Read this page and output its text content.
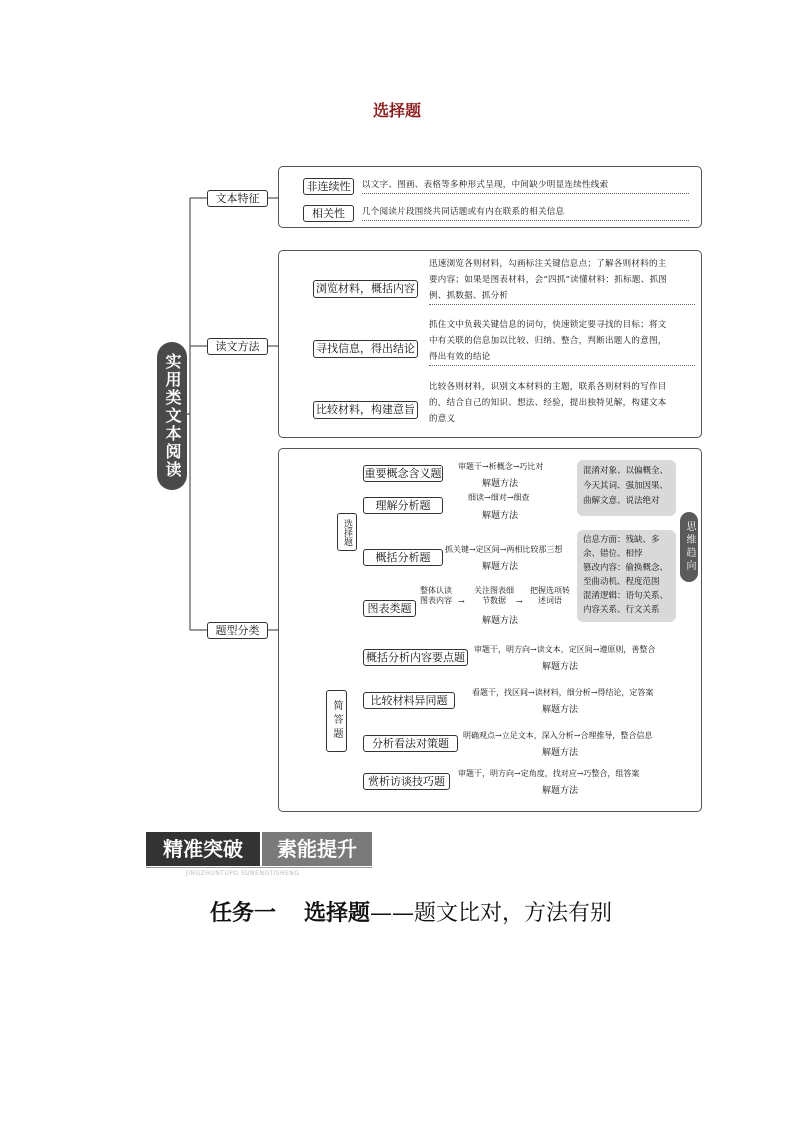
选择题
实用类文本阅读
文本特征
读文方法
题型分类
非连续性	以文字、图画、表格等多种形式呈现，中间缺少明显连续性线索
相关性	几个阅读片段围绕共同话题或有内在联系的相关信息
浏览材料，概括内容
迅速浏览各则材料，勾画标注关键信息点；了解各则材料的主
要内容；如果是图表材料，会“四抓”读懂材料：抓标题、抓图
例、抓数据、抓分析
寻找信息，得出结论
抓住文中负载关键信息的词句，快速锁定要寻找的目标；将文
中有关联的信息加以比较、归纳、整合，判断出题人的意图，
得出有效的结论
比较材料，构建意旨
比较各则材料，识别文本材料的主题，联系各则材料的写作目
的，结合自己的知识、想法、经验，提出独特见解，构建文本
的意义
选择题
重要概念含义题
审题干→析概念→巧比对
解题方法
理解分析题
细读→细对→细查
解题方法
概括分析题
抓关键→定区间→两相比较那三想
解题方法
图表类题
整体认读图表内容 →
关注图表细节数据	→
把握选项转述词语
解题方法
混淆对象、以偏概全、
今天其词、强加因果、
曲解文意、说法绝对
信息方面：残缺、多
余、错位、相悖
篡改内容：偷换概念、
至曲动机、程度范围
混淆逻辑：语句关系、
内容关系、行文关系
思维趋向
简答题
概括分析内容要点题
审题干，明方向→读文本，定区间→遵原则，善整合
解题方法
比较材料异同题
看题干，找区间→读材料，细分析→得结论，定答案
解题方法
分析看法对策题
明确观点→立足文本，深入分析→合理推导，整合信息
解题方法
赏析访谈技巧题
审题干，明方向→定角度，找对应→巧整合，组答案
解题方法
精准突破	素能提升
JINGZHUNTUPO SUNENGTISHENG
任务一 选择题——题文比对，方法有别
